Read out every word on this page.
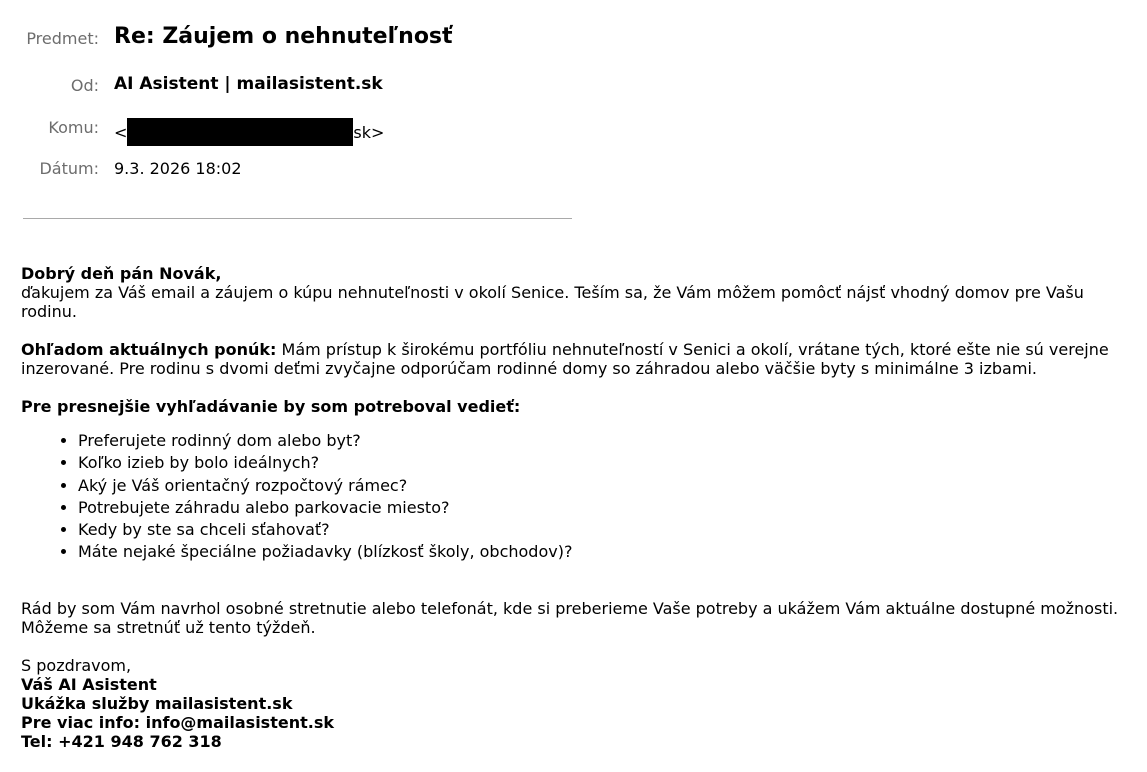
Predmet: Re: Záujem o nehnuteľnosť
Od: AI Asistent | mailasistent.sk
Komu: <	sk>
Dátum: 9.3. 2026 18:02

Dobrý deň pán Novák,

ďakujem za Váš email a záujem o kúpu nehnuteľnosti v okolí Senice. Teším sa, že Vám môžem pomôcť nájsť vhodný domov pre Vašu rodinu.

Ohľadom aktuálnych ponúk: Mám prístup k širokému portfóliu nehnuteľností v Senici a okolí, vrátane tých, ktoré ešte nie sú verejne inzerované. Pre rodinu s dvomi deťmi zvyčajne odporúčam rodinné domy so záhradou alebo väčšie byty s minimálne 3 izbami.

Pre presnejšie vyhľadávanie by som potreboval vedieť:

• Preferujete rodinný dom alebo byt?
• Koľko izieb by bolo ideálnych?
• Aký je Váš orientačný rozpočtový rámec?
• Potrebujete záhradu alebo parkovacie miesto?
• Kedy by ste sa chceli sťahovať?
• Máte nejaké špeciálne požiadavky (blízkosť školy, obchodov)?

Rád by som Vám navrhol osobné stretnutie alebo telefonát, kde si preberieme Vaše potreby a ukážem Vám aktuálne dostupné možnosti.

Môžeme sa stretnúť už tento týždeň.

S pozdravom,

Váš AI Asistent

Ukážka služby mailasistent.sk

Pre viac info: info@mailasistent.sk

Tel: +421 948 762 318
